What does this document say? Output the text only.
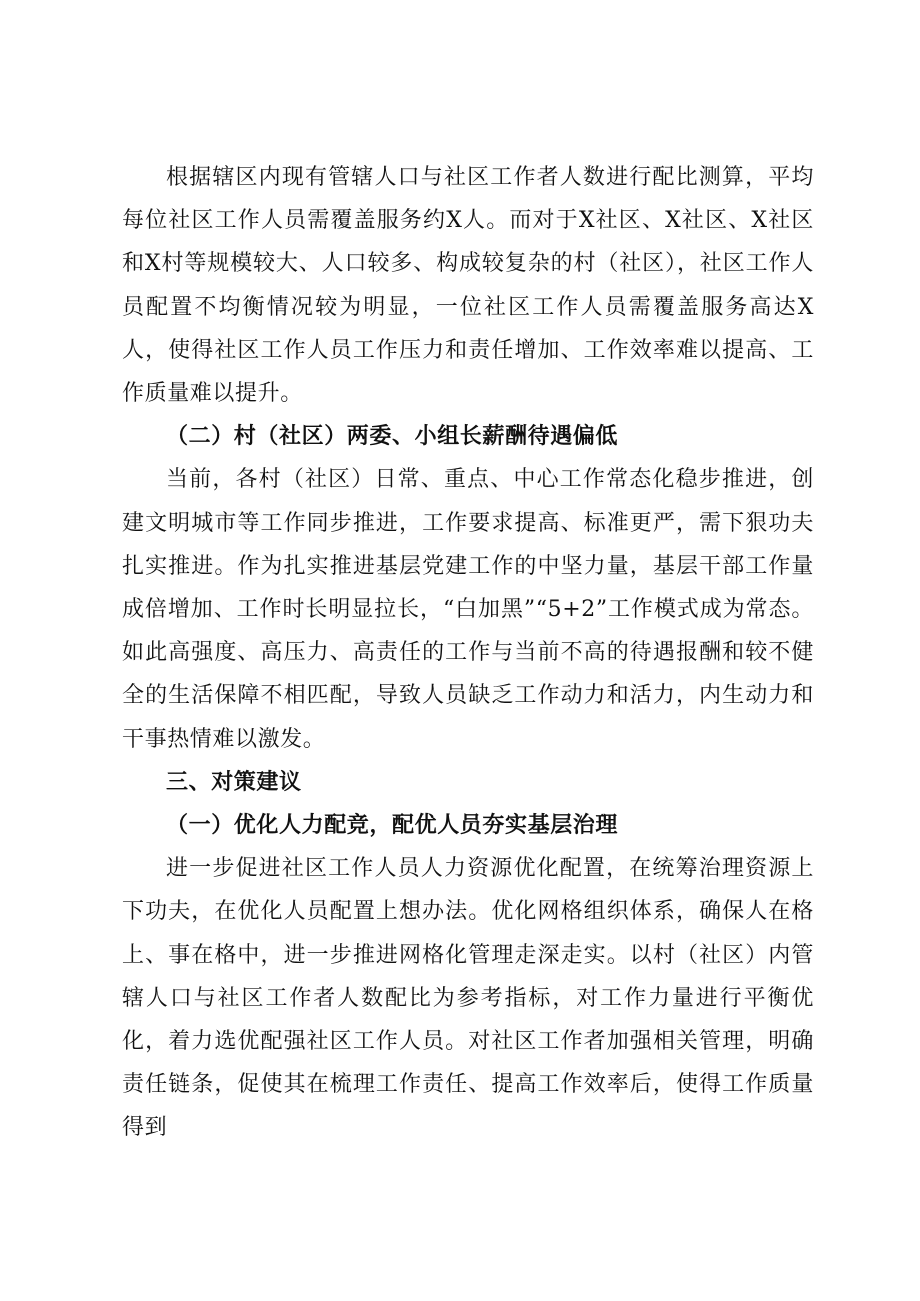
根据辖区内现有管辖人口与社区工作者人数进行配比测算，平均每位社区工作人员需覆盖服务约X人。而对于X社区、X社区、X社区和X村等规模较大、人口较多、构成较复杂的村（社区），社区工作人员配置不均衡情况较为明显，一位社区工作人员需覆盖服务高达X人，使得社区工作人员工作压力和责任增加、工作效率难以提高、工作质量难以提升。

（二）村（社区）两委、小组长薪酬待遇偏低

当前，各村（社区）日常、重点、中心工作常态化稳步推进，创建文明城市等工作同步推进，工作要求提高、标准更严，需下狠功夫扎实推进。作为扎实推进基层党建工作的中坚力量，基层干部工作量成倍增加、工作时长明显拉长，“白加黑”“5+2”工作模式成为常态。如此高强度、高压力、高责任的工作与当前不高的待遇报酬和较不健全的生活保障不相匹配，导致人员缺乏工作动力和活力，内生动力和干事热情难以激发。

三、对策建议

（一）优化人力配竞，配优人员夯实基层治理

进一步促进社区工作人员人力资源优化配置，在统筹治理资源上下功夫，在优化人员配置上想办法。优化网格组织体系，确保人在格上、事在格中，进一步推进网格化管理走深走实。以村（社区）内管辖人口与社区工作者人数配比为参考指标，对工作力量进行平衡优化，着力选优配强社区工作人员。对社区工作者加强相关管理，明确责任链条，促使其在梳理工作责任、提高工作效率后，使得工作质量得到
